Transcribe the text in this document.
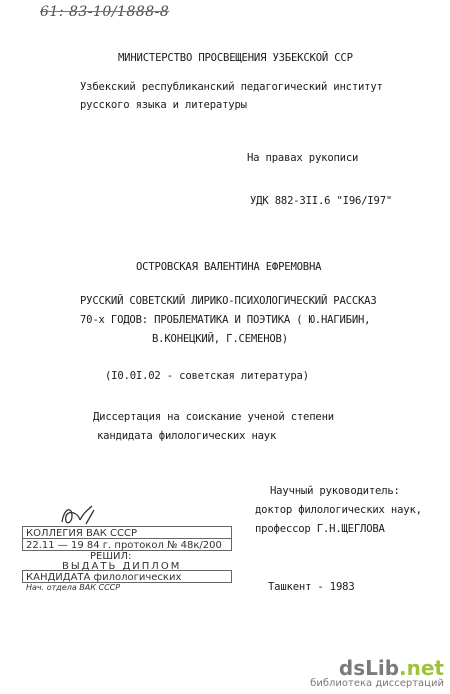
61: 83-10/1888-8
МИНИСТЕРСТВО ПРОСВЕЩЕНИЯ УЗБЕКСКОЙ ССР
Узбекский республиканский педагогический институт
русского языка и литературы
На правах рукописи
УДК 882-3II.6 "I96/I97"
ОСТРОВСКАЯ ВАЛЕНТИНА ЕФРЕМОВНА
РУССКИЙ СОВЕТСКИЙ ЛИРИКО-ПСИХОЛОГИЧЕСКИЙ РАССКАЗ
70-х ГОДОВ: ПРОБЛЕМАТИКА И ПОЭТИКА ( Ю.НАГИБИН,
В.КОНЕЦКИЙ, Г.СЕМЕНОВ)
(I0.0I.02 - советская литература)
Диссертация на соискание ученой степени
кандидата филологических наук
Научный руководитель:
доктор филологических наук,
профессор Г.Н.ЩЕГЛОВА
КОЛЛЕГИЯ ВАК СССР
22.11 — 19 84 г. протокол № 48к/200
РЕШИЛ:
ВЫДАТЬ ДИПЛОМ
КАНДИДАТА филологических
Нач. отдела ВАК СССР	Ташкент - 1983
dsLib.net
библиотека диссертаций
